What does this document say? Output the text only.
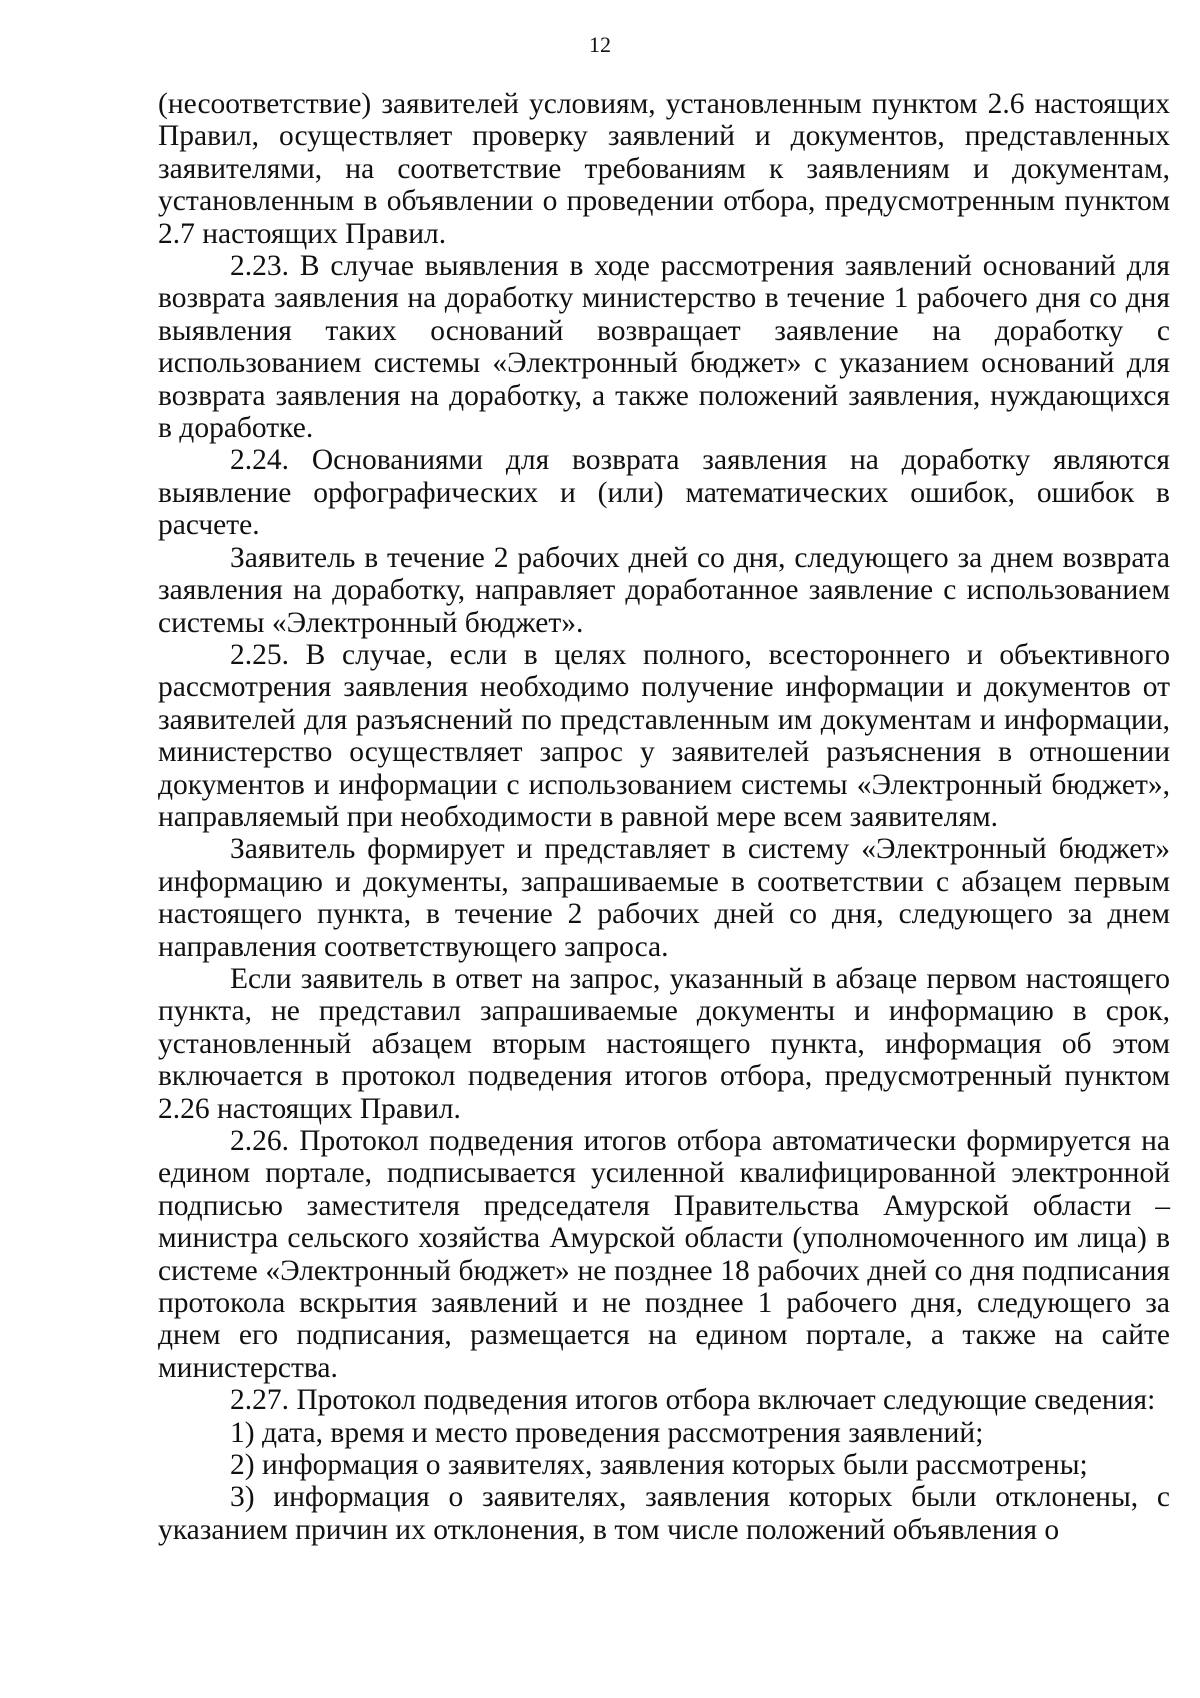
12

(несоответствие) заявителей условиям, установленным пунктом 2.6 настоящих Правил, осуществляет проверку заявлений и документов, представленных заявителями, на соответствие требованиям к заявлениям и документам, установленным в объявлении о проведении отбора, предусмотренным пунктом 2.7 настоящих Правил.

2.23. В случае выявления в ходе рассмотрения заявлений оснований для возврата заявления на доработку министерство в течение 1 рабочего дня со дня выявления таких оснований возвращает заявление на доработку с использованием системы «Электронный бюджет» с указанием оснований для возврата заявления на доработку, а также положений заявления, нуждающихся в доработке.

2.24. Основаниями для возврата заявления на доработку являются выявление орфографических и (или) математических ошибок, ошибок в расчете.

Заявитель в течение 2 рабочих дней со дня, следующего за днем возврата заявления на доработку, направляет доработанное заявление с использованием системы «Электронный бюджет».

2.25. В случае, если в целях полного, всестороннего и объективного рассмотрения заявления необходимо получение информации и документов от заявителей для разъяснений по представленным им документам и информации, министерство осуществляет запрос у заявителей разъяснения в отношении документов и информации с использованием системы «Электронный бюджет», направляемый при необходимости в равной мере всем заявителям.

Заявитель формирует и представляет в систему «Электронный бюджет» информацию и документы, запрашиваемые в соответствии с абзацем первым настоящего пункта, в течение 2 рабочих дней со дня, следующего за днем направления соответствующего запроса.

Если заявитель в ответ на запрос, указанный в абзаце первом настоящего пункта, не представил запрашиваемые документы и информацию в срок, установленный абзацем вторым настоящего пункта, информация об этом включается в протокол подведения итогов отбора, предусмотренный пунктом 2.26 настоящих Правил.

2.26. Протокол подведения итогов отбора автоматически формируется на едином портале, подписывается усиленной квалифицированной электронной подписью заместителя председателя Правительства Амурской области – министра сельского хозяйства Амурской области (уполномоченного им лица) в системе «Электронный бюджет» не позднее 18 рабочих дней со дня подписания протокола вскрытия заявлений и не позднее 1 рабочего дня, следующего за днем его подписания, размещается на едином портале, а также на сайте министерства.

2.27. Протокол подведения итогов отбора включает следующие сведения:

1) дата, время и место проведения рассмотрения заявлений;

2) информация о заявителях, заявления которых были рассмотрены;

3) информация о заявителях, заявления которых были отклонены, с указанием причин их отклонения, в том числе положений объявления о
